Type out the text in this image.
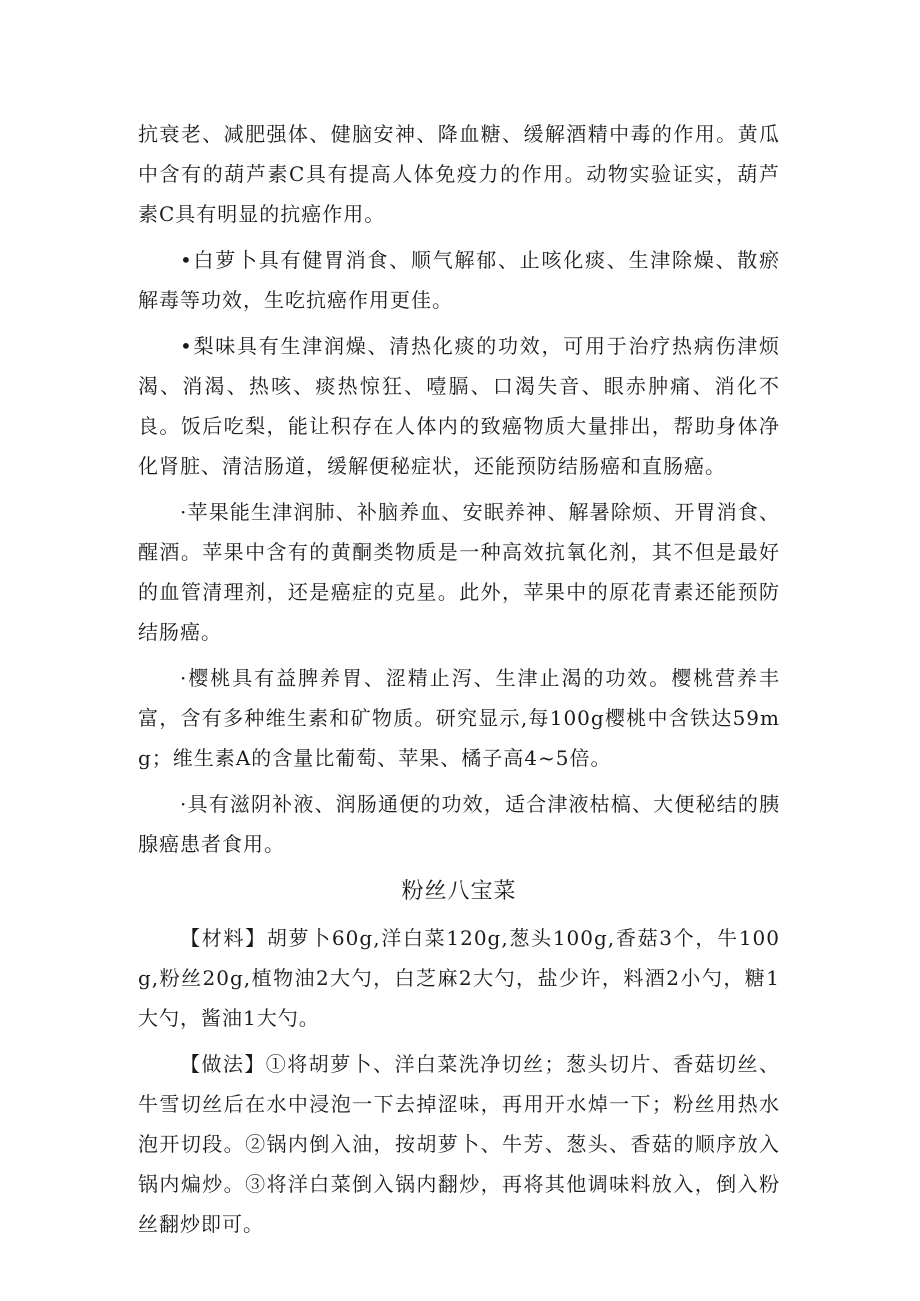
抗衰老、减肥强体、健脑安神、降血糖、缓解酒精中毒的作用。黄瓜中含有的葫芦素C具有提高人体免疫力的作用。动物实验证实，葫芦素C具有明显的抗癌作用。

•白萝卜具有健胃消食、顺气解郁、止咳化痰、生津除燥、散瘀解毒等功效，生吃抗癌作用更佳。

•梨味具有生津润燥、清热化痰的功效，可用于治疗热病伤津烦渴、消渴、热咳、痰热惊狂、噎膈、口渴失音、眼赤肿痛、消化不良。饭后吃梨，能让积存在人体内的致癌物质大量排出，帮助身体净化肾脏、清洁肠道，缓解便秘症状，还能预防结肠癌和直肠癌。

·苹果能生津润肺、补脑养血、安眠养神、解暑除烦、开胃消食、醒酒。苹果中含有的黄酮类物质是一种高效抗氧化剂，其不但是最好的血管清理剂，还是癌症的克星。此外，苹果中的原花青素还能预防结肠癌。

·樱桃具有益脾养胃、涩精止泻、生津止渴的功效。樱桃营养丰富，含有多种维生素和矿物质。研究显示,每100g樱桃中含铁达59mg；维生素A的含量比葡萄、苹果、橘子高4~5倍。

·具有滋阴补液、润肠通便的功效，适合津液枯槁、大便秘结的胰腺癌患者食用。

粉丝八宝菜

【材料】胡萝卜60g,洋白菜120g,葱头100g,香菇3个，牛100g,粉丝20g,植物油2大勺，白芝麻2大勺，盐少许，料酒2小勺，糖1大勺，酱油1大勺。

【做法】①将胡萝卜、洋白菜洗净切丝；葱头切片、香菇切丝、牛雪切丝后在水中浸泡一下去掉涩味，再用开水焯一下；粉丝用热水泡开切段。②锅内倒入油，按胡萝卜、牛芳、葱头、香菇的顺序放入锅内煸炒。③将洋白菜倒入锅内翻炒，再将其他调味料放入，倒入粉丝翻炒即可。
